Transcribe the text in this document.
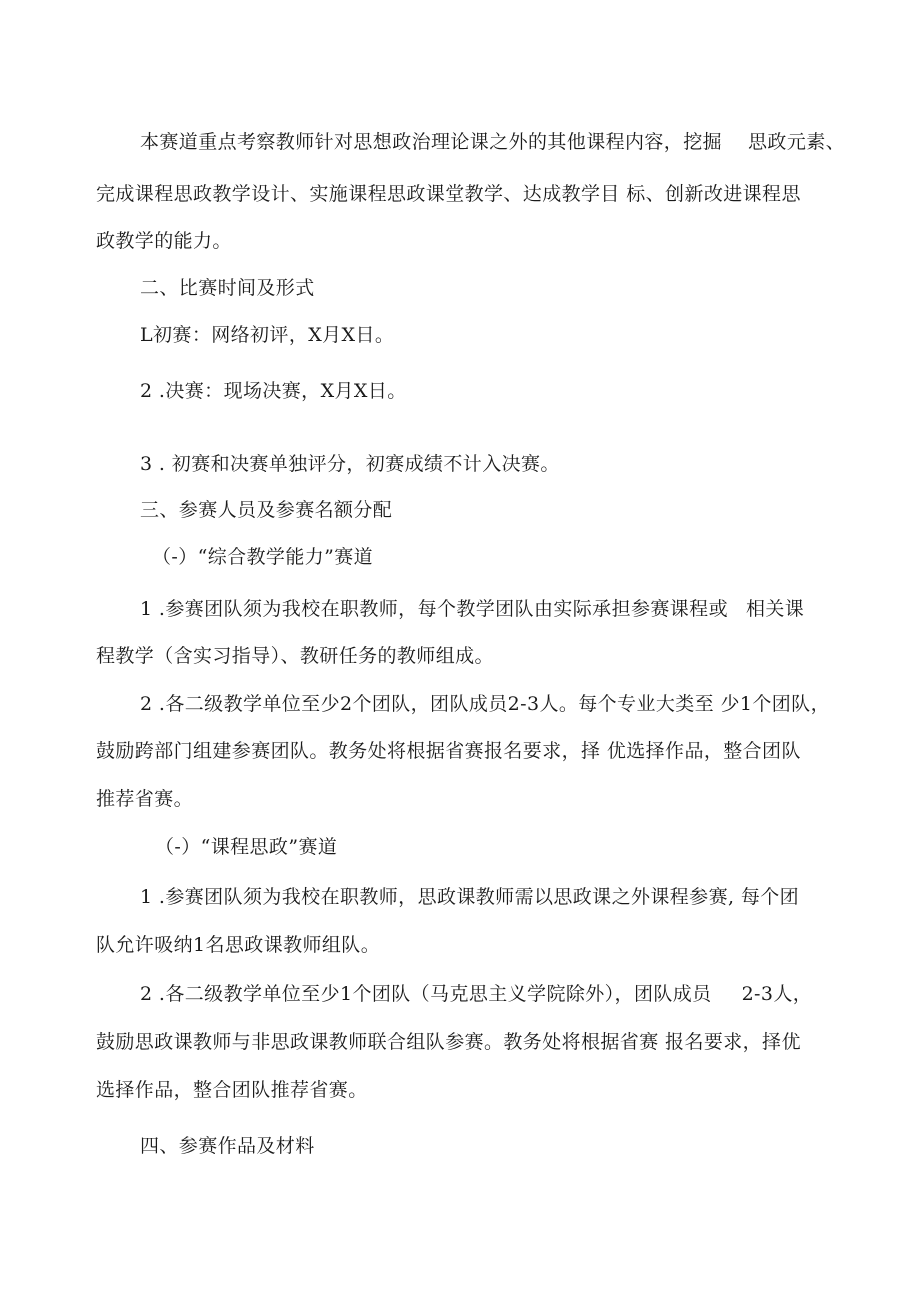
本赛道重点考察教师针对思想政治理论课之外的其他课程内容，挖掘 思政元素、
完成课程思政教学设计、实施课程思政课堂教学、达成教学目 标、创新改进课程思
政教学的能力。
二、比赛时间及形式
L初赛：网络初评，X月X日。
2 .决赛：现场决赛，X月X日。
3 . 初赛和决赛单独评分，初赛成绩不计入决赛。
三、参赛人员及参赛名额分配
（-）“综合教学能力”赛道
1 .参赛团队须为我校在职教师，每个教学团队由实际承担参赛课程或 相关课
程教学（含实习指导）、教研任务的教师组成。
2 .各二级教学单位至少2个团队，团队成员2-3人。每个专业大类至 少1个团队，
鼓励跨部门组建参赛团队。教务处将根据省赛报名要求，择 优选择作品，整合团队
推荐省赛。
（-）“课程思政”赛道
1 .参赛团队须为我校在职教师，思政课教师需以思政课之外课程参赛, 每个团
队允许吸纳1名思政课教师组队。
2 .各二级教学单位至少1个团队（马克思主义学院除外），团队成员 2-3人，
鼓励思政课教师与非思政课教师联合组队参赛。教务处将根据省赛 报名要求，择优
选择作品，整合团队推荐省赛。
四、参赛作品及材料
